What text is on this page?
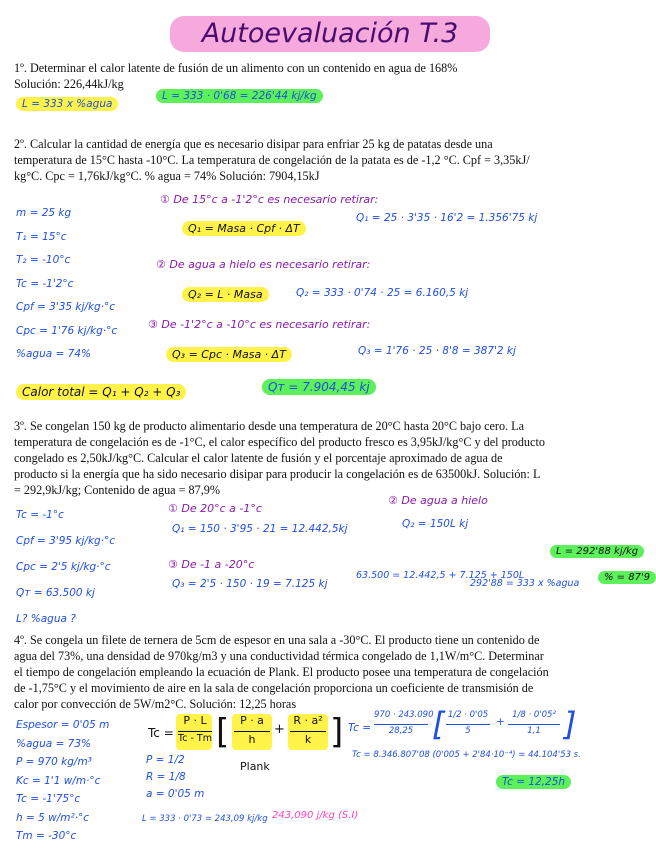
Autoevaluación T.3
1º. Determinar el calor latente de fusión de un alimento con un contenido en agua de 168%
Solución: 226,44kJ/kg
L = 333 x %agua
L = 333 · 0'68 = 226'44 kj/kg
2º. Calcular la cantidad de energía que es necesario disipar para enfriar 25 kg de patatas desde una
temperatura de 15°C hasta -10°C. La temperatura de congelación de la patata es de -1,2 °C. Cpf = 3,35kJ/
kg°C. Cpc = 1,76kJ/kg°C. % agua = 74% Solución: 7904,15kJ
m = 25 kg
T₁ = 15°c
T₂ = -10°c
Tc = -1'2°c
Cpf = 3'35 kj/kg·°c
Cpc = 1'76 kj/kg·°c
%agua = 74%
① De 15°c a -1'2°c es necesario retirar:
Q₁ = Masa · Cpf · ΔT
Q₁ = 25 · 3'35 · 16'2 = 1.356'75 kj
② De agua a hielo es necesario retirar:
Q₂ = L · Masa	Q₂ = 333 · 0'74 · 25 = 6.160,5 kj
③ De -1'2°c a -10°c es necesario retirar:
Q₃ = Cpc · Masa · ΔT	Q₃ = 1'76 · 25 · 8'8 = 387'2 kj
Calor total = Q₁ + Q₂ + Q₃	Qᴛ = 7.904,45 kj
3º. Se congelan 150 kg de producto alimentario desde una temperatura de 20°C hasta 20°C bajo cero. La
temperatura de congelación es de -1°C, el calor específico del producto fresco es 3,95kJ/kg°C y del producto
congelado es 2,50kJ/kg°C. Calcular el calor latente de fusión y el porcentaje aproximado de agua de
producto si la energía que ha sido necesario disipar para producir la congelación es de 63500kJ. Solución: L
= 292,9kJ/kg; Contenido de agua = 87,9%
Tc = -1°c
Cpf = 3'95 kj/kg·°c
Cpc = 2'5 kj/kg·°c
Qᴛ = 63.500 kj
L? %agua ?
① De 20°c a -1°c
Q₁ = 150 · 3'95 · 21 = 12.442,5kj
② De agua a hielo
Q₂ = 150L kj
③ De -1 a -20°c
Q₃ = 2'5 · 150 · 19 = 7.125 kj
63.500 = 12.442,5 + 7.125 + 150L
L = 292'88 kj/kg
292'88 = 333 x %agua
% = 87'9
4º. Se congela un filete de ternera de 5cm de espesor en una sala a -30°C. El producto tiene un contenido de
agua del 73%, una densidad de 970kg/m3 y una conductividad térmica congelado de 1,1W/m°C. Determinar
el tiempo de congelación empleando la ecuación de Plank. El producto posee una temperatura de congelación
de -1,75°C y el movimiento de aire en la sala de congelación proporciona un coeficiente de transmisión de
calor por convección de 5W/m2°C. Solución: 12,25 horas
Espesor = 0'05 m
%agua = 73%
P = 970 kg/m³
Kc = 1'1 w/m·°c
Tc = -1'75°c
h = 5 w/m²·°c
Tm = -30°c
Tc =
P · L
Tc - Tm [ P · a
h
+
R · a²
k ]
Plank
P = 1/2
R = 1/8
a = 0'05 m
L = 333 · 0'73 = 243,09 kj/kg 243,090 j/kg (S.I)
Tc =
970 · 243.090
28,25 [ 1/2 · 0'05
5
+
1/8 · 0'05²
1,1 ]
Tc = 8.346.807'08 (0'005 + 2'84·10⁻⁴) = 44.104'53 s.
Tc = 12,25h
